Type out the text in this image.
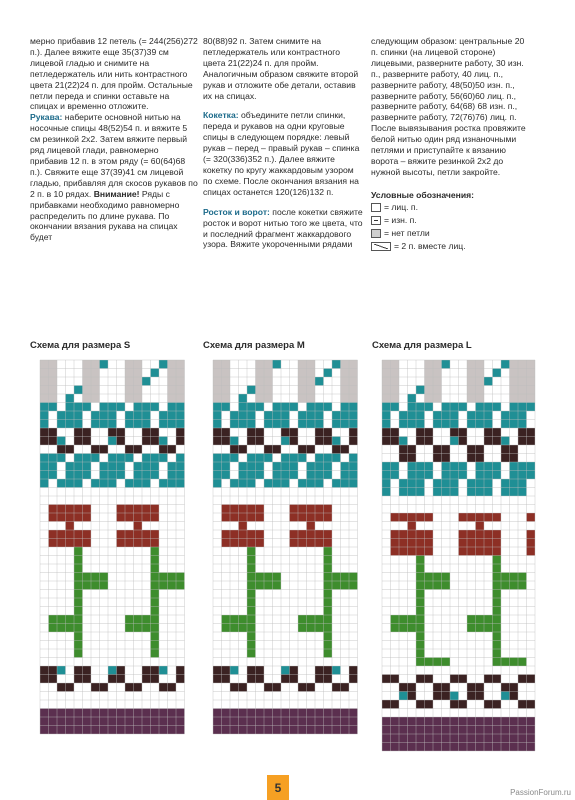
мерно прибавив 12 петель (= 244(256)272 п.). Далее вяжите еще 35(37)39 см лицевой гладью и снимите на петледержатель или нить контрастного цвета 21(22)24 п. для пройм. Остальные петли переда и спинки оставьте на спицах и временно отложите.

Рукава: наберите основной нитью на носочные спицы 48(52)54 п. и вяжите 5 см резинкой 2x2. Затем вяжите первый ряд лицевой глади, равномерно прибавив 12 п. в этом ряду (= 60(64)68 п.). Свяжите еще 37(39)41 см лицевой гладью, прибавляя для скосов рукавов по 2 п. в 10 рядах. Внимание! Ряды с прибавками необходимо равномерно распределить по длине рукава. По окончании вязания рукава на спицах будет

80(88)92 п. Затем снимите на петледержатель или контрастного цвета 21(22)24 п. для пройм. Аналогичным образом свяжите второй рукав и отложите обе детали, оставив их на спицах.

Кокетка: объедините петли спинки, переда и рукавов на одни круговые спицы в следующем порядке: левый рукав – перед – правый рукав – спинка (= 320(336)352 п.). Далее вяжите кокетку по кругу жаккардовым узором по схеме. После окончания вязания на спицах останется 120(126)132 п.

Росток и ворот: после кокетки свяжите росток и ворот нитью того же цвета, что и последний фрагмент жаккардового узора. Вяжите укороченными рядами

следующим образом: центральные 20 п. спинки (на лицевой стороне) лицевыми, разверните работу, 30 изн. п., разверните работу, 40 лиц. п., разверните работу, 48(50)50 изн. п., разверните работу, 56(60)60 лиц. п., разверните работу, 64(68) 68 изн. п., разверните работу, 72(76)76) лиц. п. После вывязывания ростка провяжите белой нитью один ряд изнаночными петлями и приступайте к вязанию ворота – вяжите резинкой 2x2 до нужной высоты, петли закройте.

Условные обозначения:
= лиц. п.
= изн. п.
= нет петли
= 2 п. вместе лиц.
Схема для размера S	Схема для размера M	Схема для размера L
5	PassionForum.ru
